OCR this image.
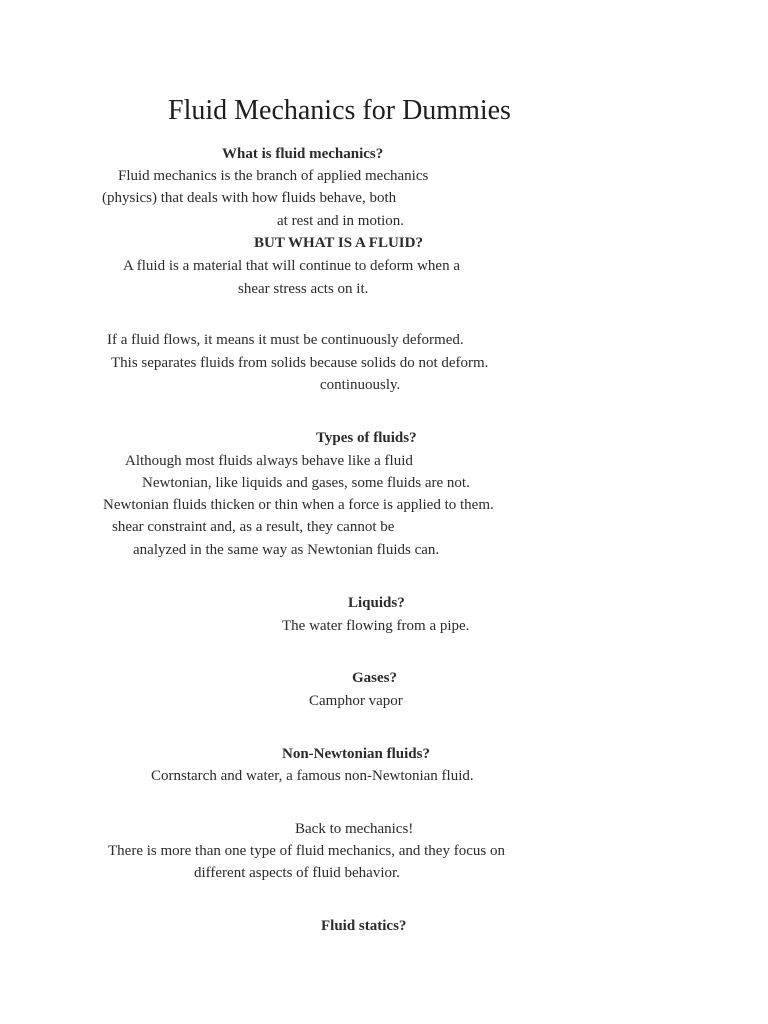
Fluid Mechanics for Dummies
What is fluid mechanics?
Fluid mechanics is the branch of applied mechanics
(physics) that deals with how fluids behave, both
at rest and in motion.
BUT WHAT IS A FLUID?
A fluid is a material that will continue to deform when a
shear stress acts on it.
If a fluid flows, it means it must be continuously deformed.
This separates fluids from solids because solids do not deform.
continuously.
Types of fluids?
Although most fluids always behave like a fluid
Newtonian, like liquids and gases, some fluids are not.
Newtonian fluids thicken or thin when a force is applied to them.
shear constraint and, as a result, they cannot be
analyzed in the same way as Newtonian fluids can.
Liquids?
The water flowing from a pipe.
Gases?
Camphor vapor
Non-Newtonian fluids?
Cornstarch and water, a famous non-Newtonian fluid.
Back to mechanics!
There is more than one type of fluid mechanics, and they focus on
different aspects of fluid behavior.
Fluid statics?
